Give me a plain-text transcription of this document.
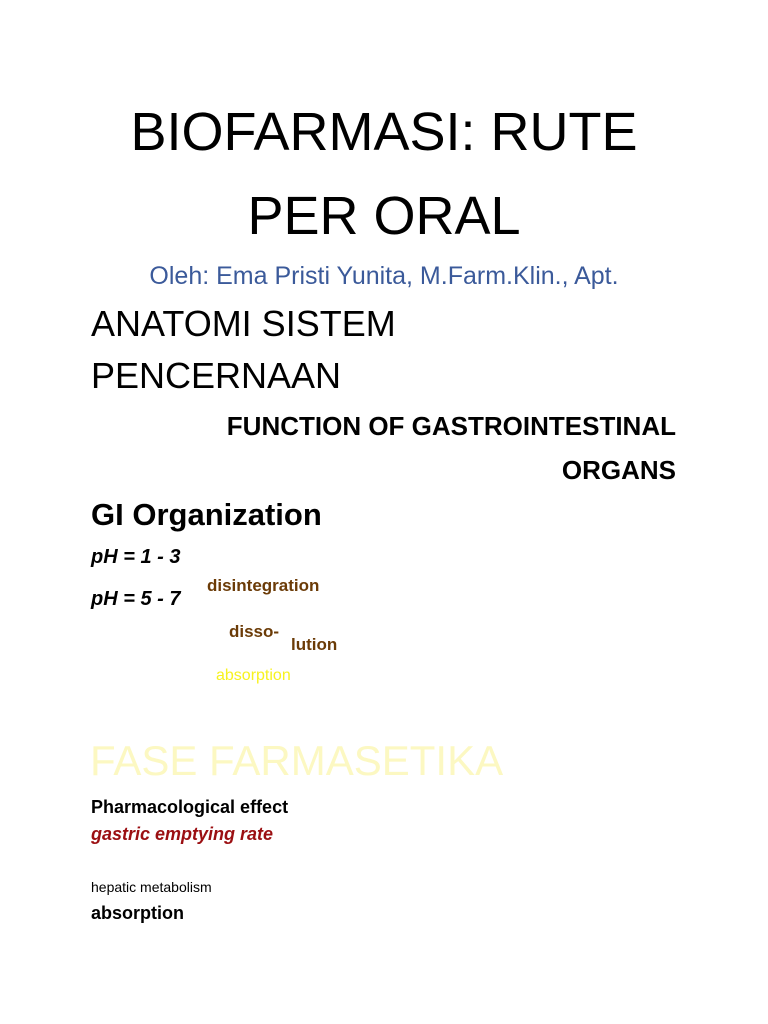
BIOFARMASI: RUTE
PER ORAL
Oleh: Ema Pristi Yunita, M.Farm.Klin., Apt.
ANATOMI SISTEM
PENCERNAAN
FUNCTION OF GASTROINTESTINAL
ORGANS
GI Organization
pH = 1 - 3
pH = 5 - 7
disintegration
disso-
lution
absorption
FASE FARMASETIKA
Pharmacological effect
gastric emptying rate
hepatic metabolism
absorption
